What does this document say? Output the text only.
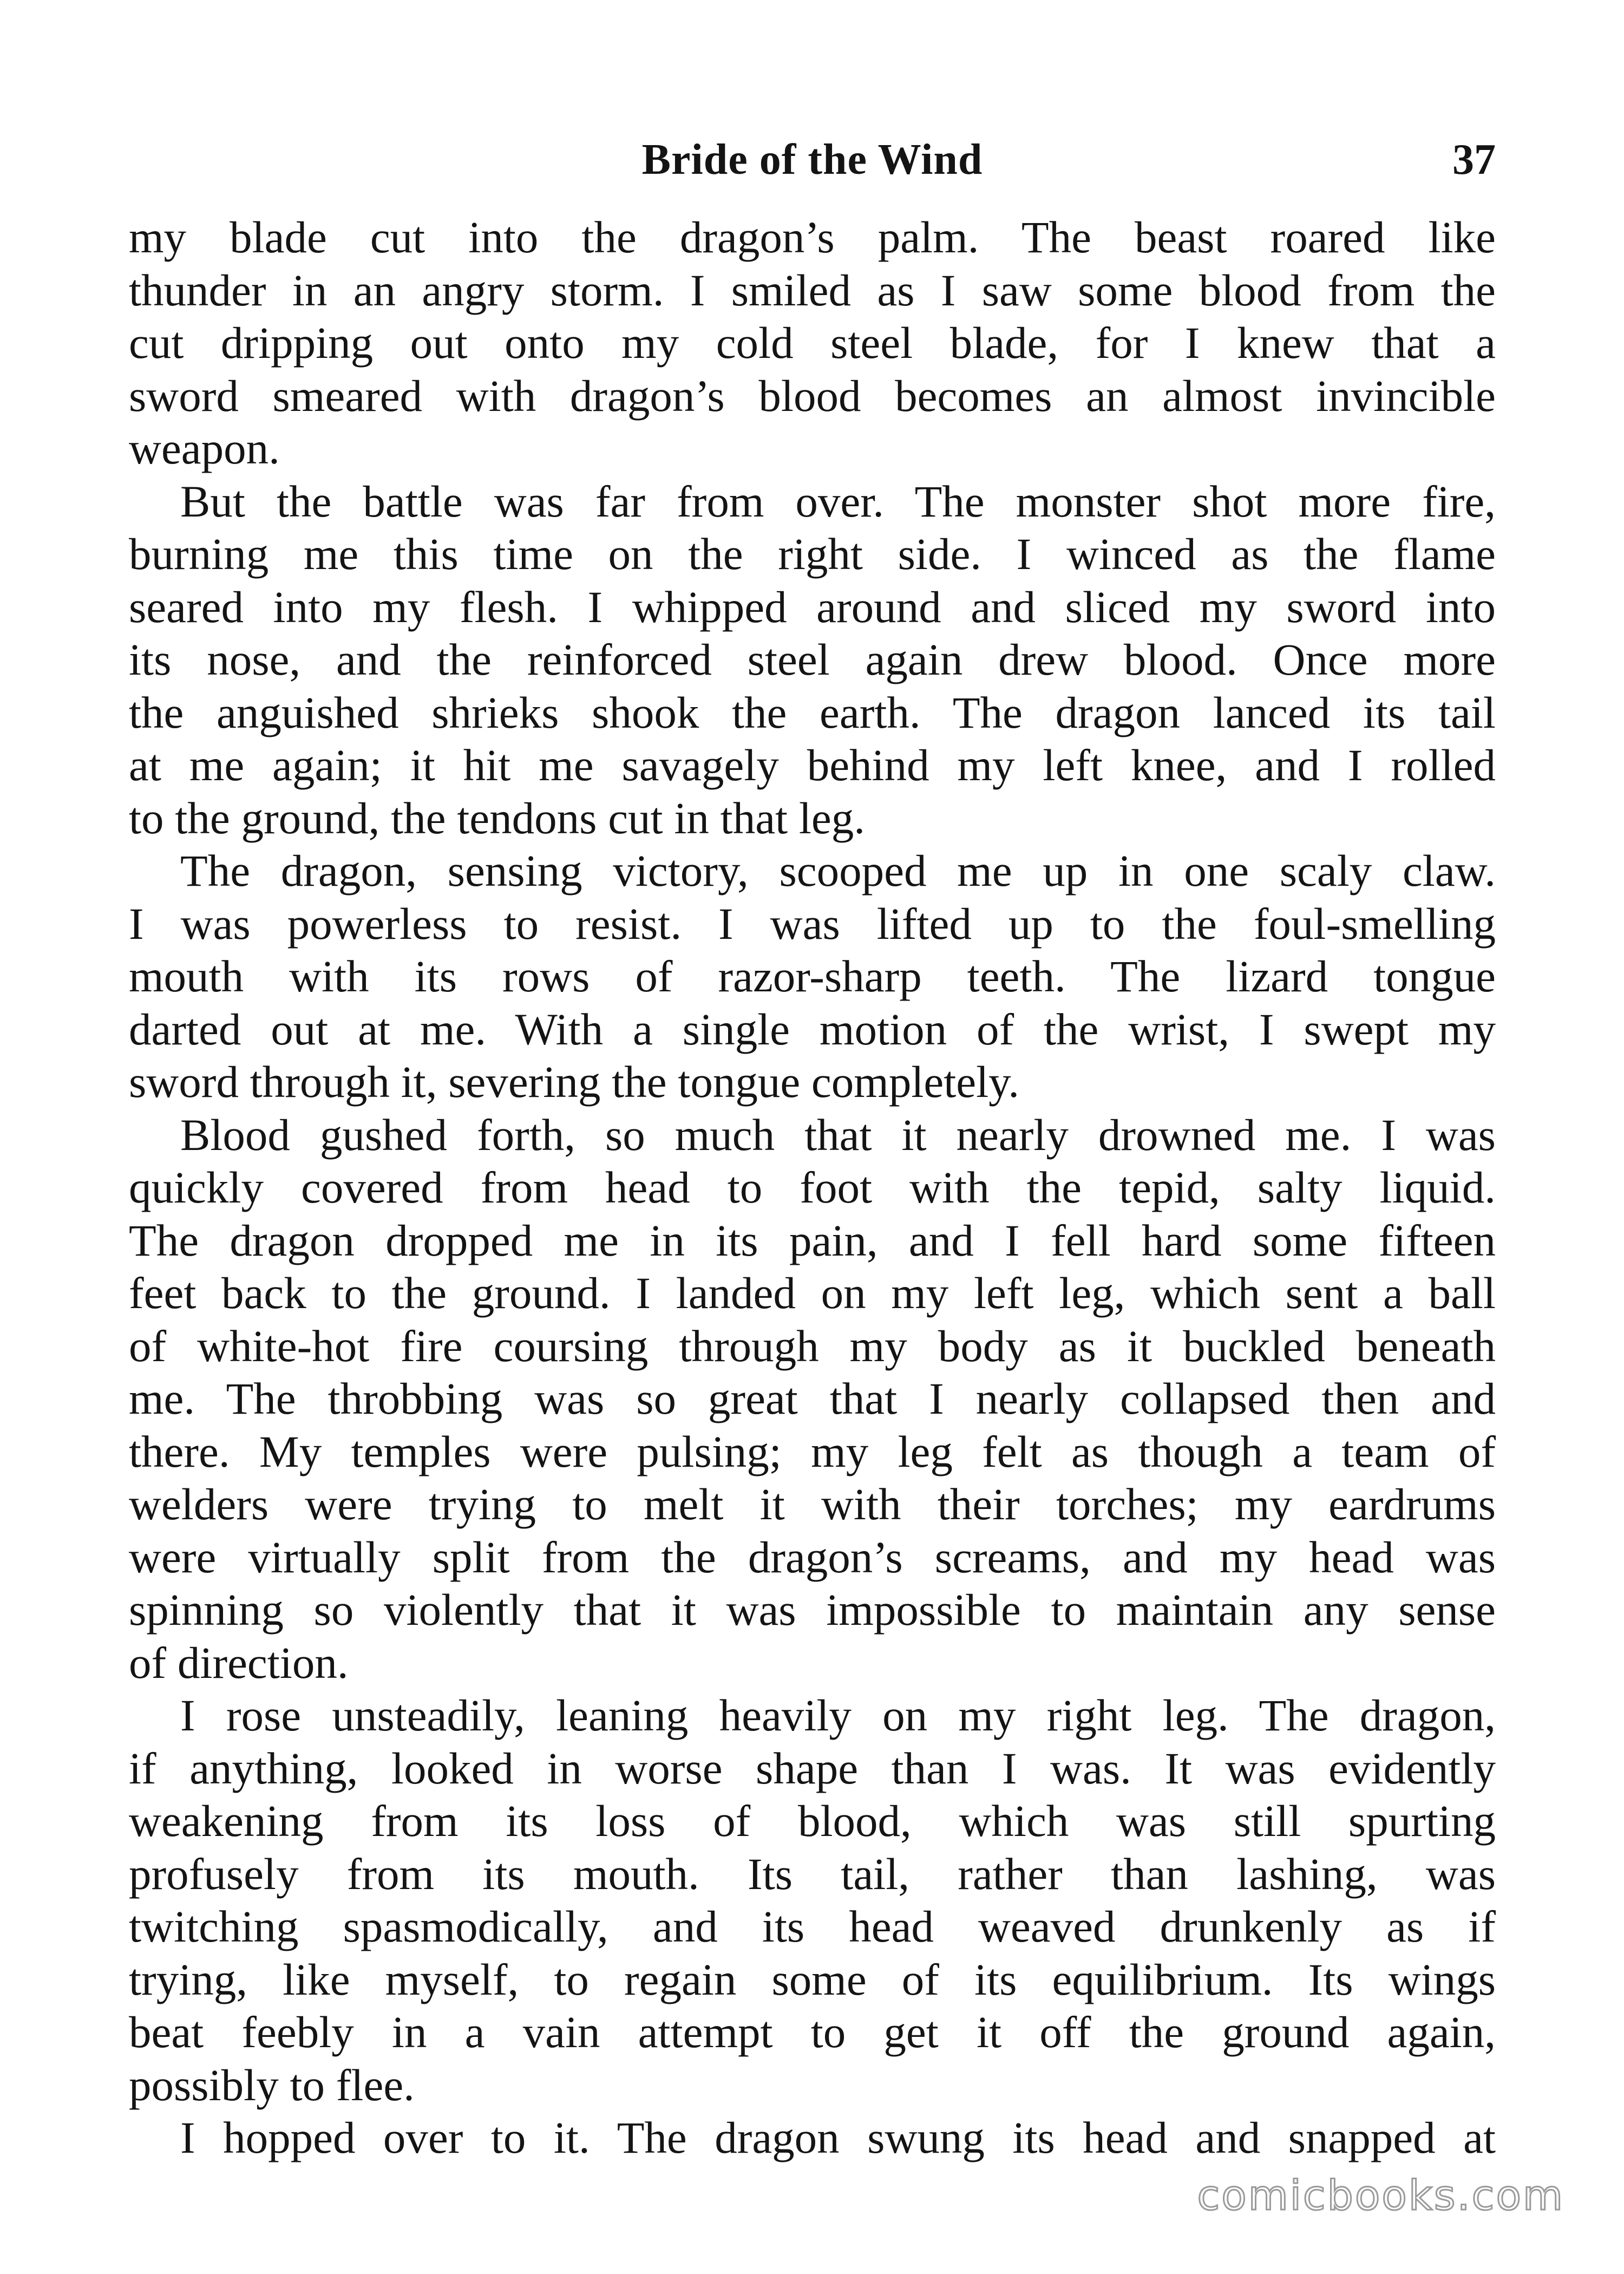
Bride of the Wind	37
my blade cut into the dragon’s palm. The beast roared like
thunder in an angry storm. I smiled as I saw some blood from the
cut dripping out onto my cold steel blade, for I knew that a
sword smeared with dragon’s blood becomes an almost invincible
weapon.
But the battle was far from over. The monster shot more fire,
burning me this time on the right side. I winced as the flame
seared into my flesh. I whipped around and sliced my sword into
its nose, and the reinforced steel again drew blood. Once more
the anguished shrieks shook the earth. The dragon lanced its tail
at me again; it hit me savagely behind my left knee, and I rolled
to the ground, the tendons cut in that leg.
The dragon, sensing victory, scooped me up in one scaly claw.
I was powerless to resist. I was lifted up to the foul-smelling
mouth with its rows of razor-sharp teeth. The lizard tongue
darted out at me. With a single motion of the wrist, I swept my
sword through it, severing the tongue completely.
Blood gushed forth, so much that it nearly drowned me. I was
quickly covered from head to foot with the tepid, salty liquid.
The dragon dropped me in its pain, and I fell hard some fifteen
feet back to the ground. I landed on my left leg, which sent a ball
of white-hot fire coursing through my body as it buckled beneath
me. The throbbing was so great that I nearly collapsed then and
there. My temples were pulsing; my leg felt as though a team of
welders were trying to melt it with their torches; my eardrums
were virtually split from the dragon’s screams, and my head was
spinning so violently that it was impossible to maintain any sense
of direction.
I rose unsteadily, leaning heavily on my right leg. The dragon,
if anything, looked in worse shape than I was. It was evidently
weakening from its loss of blood, which was still spurting
profusely from its mouth. Its tail, rather than lashing, was
twitching spasmodically, and its head weaved drunkenly as if
trying, like myself, to regain some of its equilibrium. Its wings
beat feebly in a vain attempt to get it off the ground again,
possibly to flee.
I hopped over to it. The dragon swung its head and snapped at
comicbooks.com
